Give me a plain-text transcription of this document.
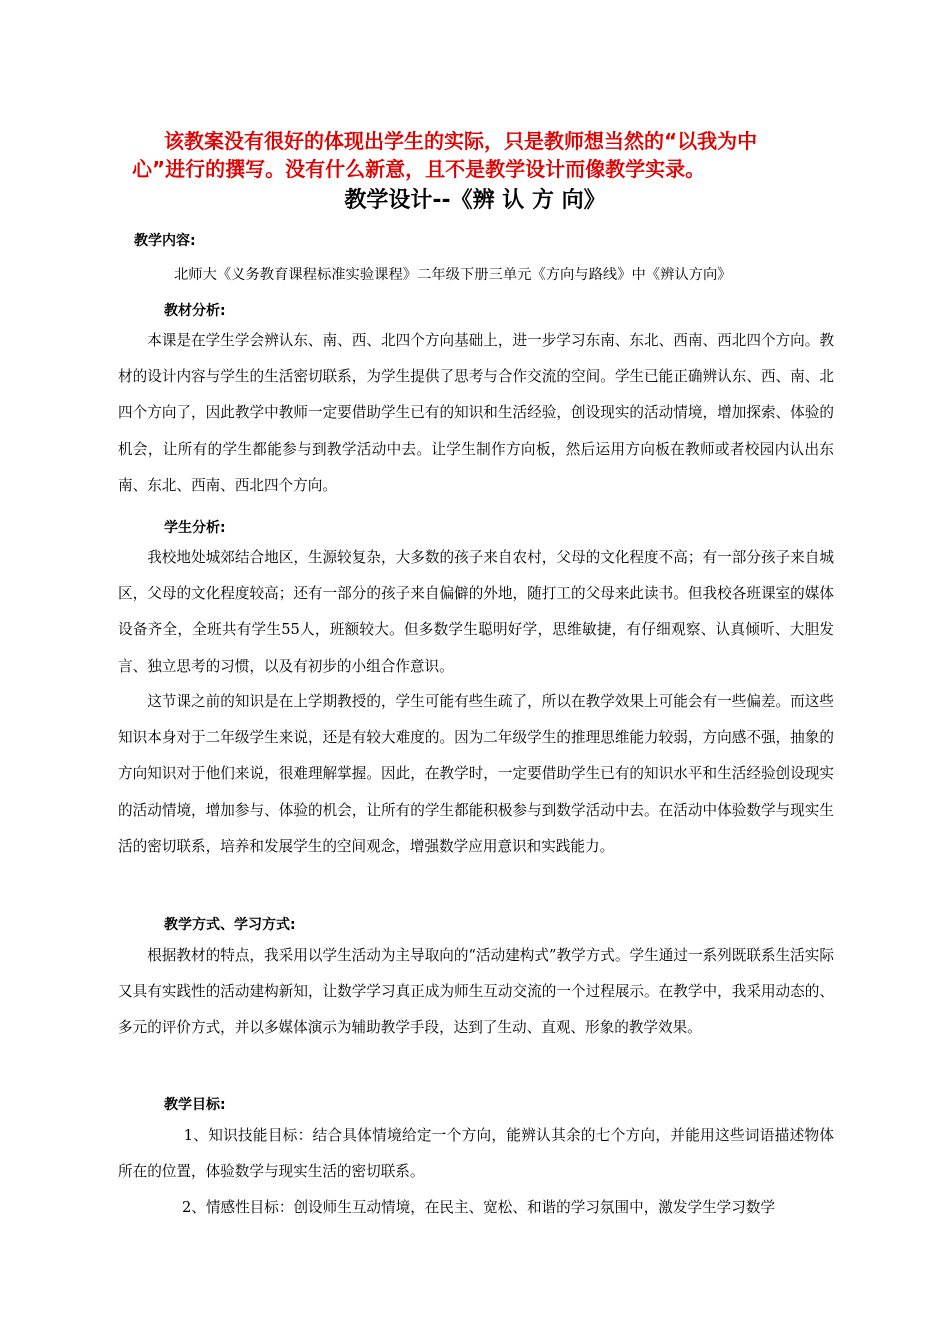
该教案没有很好的体现出学生的实际，只是教师想当然的“以我为中

心”进行的撰写。没有什么新意，且不是教学设计而像教学实录。

教学设计--《辨 认 方 向》
教学内容:
北师大《义务教育课程标准实验课程》二年级下册三单元《方向与路线》中《辨认方向》
教材分析:
本课是在学生学会辨认东、南、西、北四个方向基础上，进一步学习东南、东北、西南、西北四个方向。教材的设计内容与学生的生活密切联系，为学生提供了思考与合作交流的空间。学生已能正确辨认东、西、南、北四个方向了，因此教学中教师一定要借助学生已有的知识和生活经验，创设现实的活动情境，增加探索、体验的机会，让所有的学生都能参与到教学活动中去。让学生制作方向板，然后运用方向板在教师或者校园内认出东南、东北、西南、西北四个方向。
学生分析:
我校地处城郊结合地区，生源较复杂，大多数的孩子来自农村，父母的文化程度不高；有一部分孩子来自城区，父母的文化程度较高；还有一部分的孩子来自偏僻的外地，随打工的父母来此读书。但我校各班课室的媒体设备齐全，全班共有学生55人，班额较大。但多数学生聪明好学，思维敏捷，有仔细观察、认真倾听、大胆发言、独立思考的习惯，以及有初步的小组合作意识。
这节课之前的知识是在上学期教授的，学生可能有些生疏了，所以在教学效果上可能会有一些偏差。而这些知识本身对于二年级学生来说，还是有较大难度的。因为二年级学生的推理思维能力较弱，方向感不强，抽象的方向知识对于他们来说，很难理解掌握。因此，在教学时，一定要借助学生已有的知识水平和生活经验创设现实的活动情境，增加参与、体验的机会，让所有的学生都能积极参与到数学活动中去。在活动中体验数学与现实生活的密切联系，培养和发展学生的空间观念，增强数学应用意识和实践能力。
教学方式、学习方式:
根据教材的特点，我采用以学生活动为主导取向的“活动建构式”教学方式。学生通过一系列既联系生活实际又具有实践性的活动建构新知，让数学学习真正成为师生互动交流的一个过程展示。在教学中，我采用动态的、多元的评价方式，并以多媒体演示为辅助教学手段，达到了生动、直观、形象的教学效果。
教学目标:
1、知识技能目标：结合具体情境给定一个方向，能辨认其余的七个方向，并能用这些词语描述物体所在的位置，体验数学与现实生活的密切联系。
2、情感性目标：创设师生互动情境，在民主、宽松、和谐的学习氛围中，激发学生学习数学
